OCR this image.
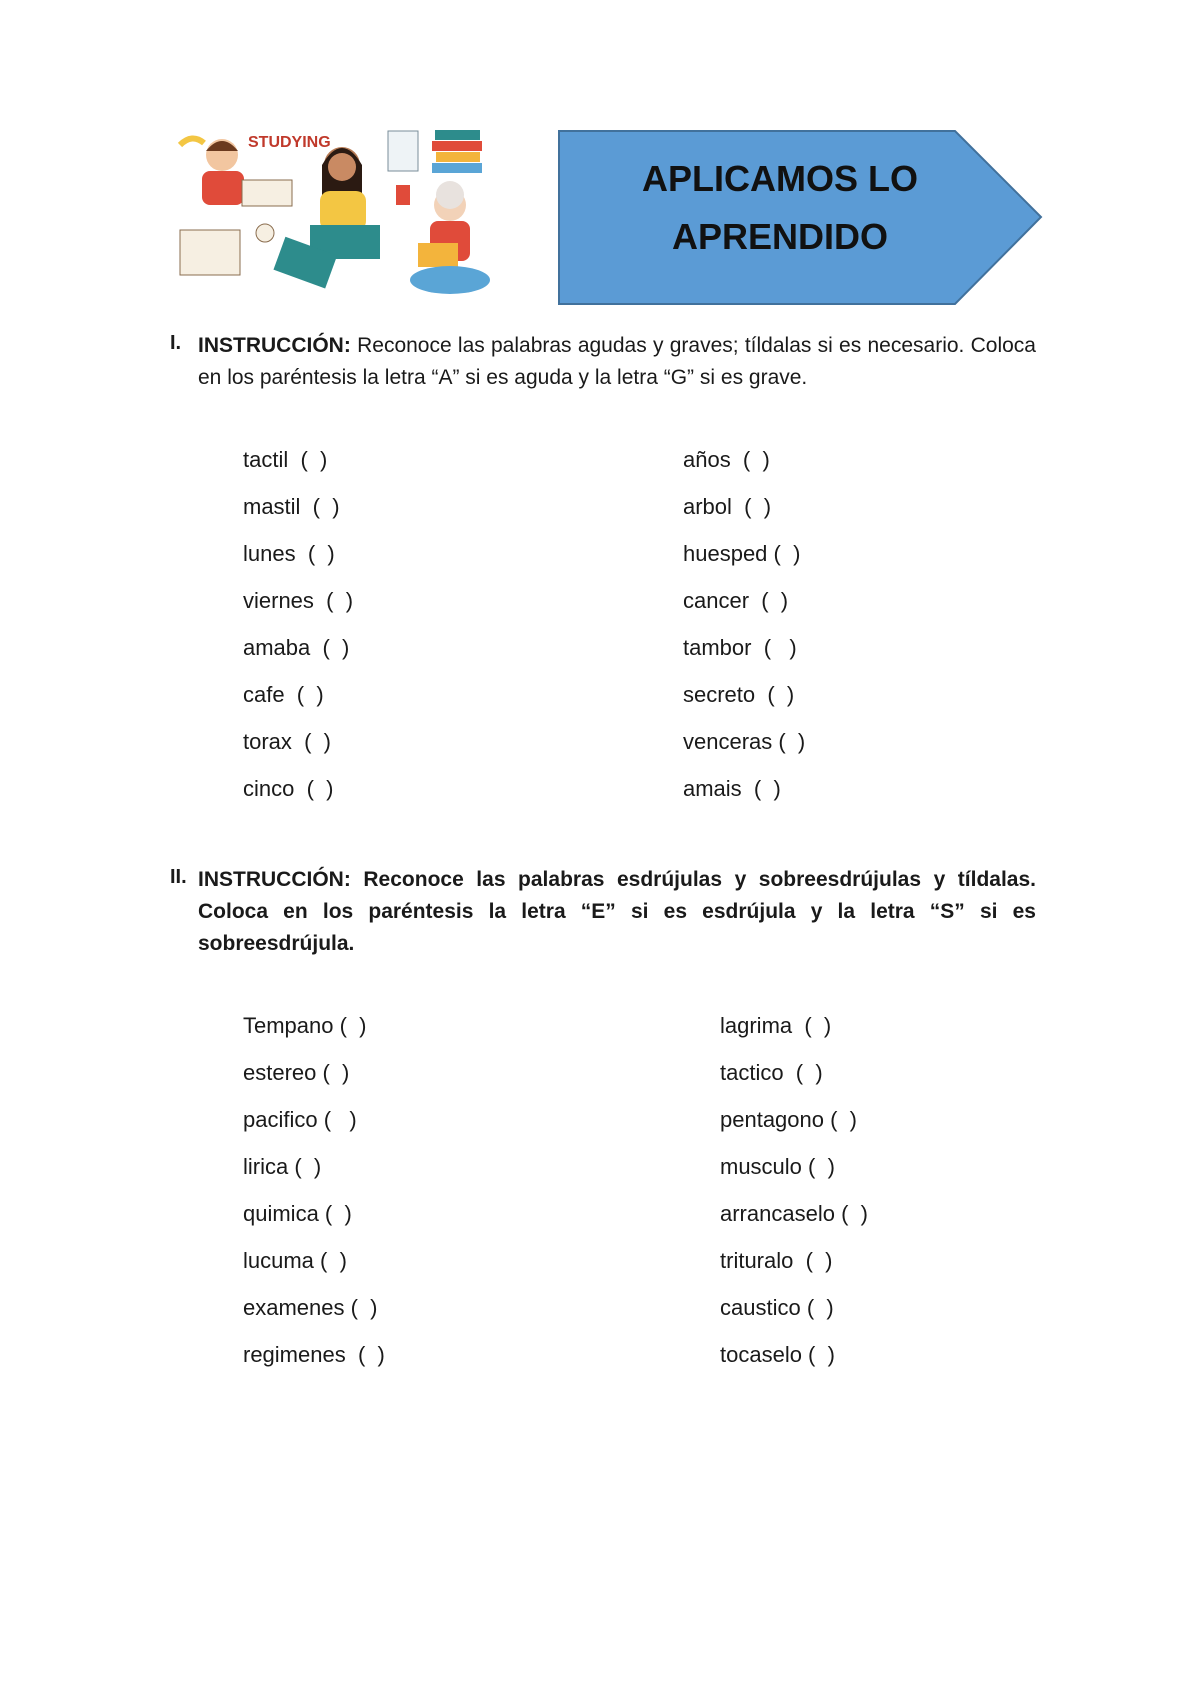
STUDYING
APLICAMOS LO
APRENDIDO
I. INSTRUCCIÓN: Reconoce las palabras agudas y graves; tíldalas si es necesario. Coloca en los paréntesis la letra “A” si es aguda y la letra “G” si es grave.
tactil  (  )
mastil  (  )
lunes  (  )
viernes  (  )
amaba  (  )
cafe  (  )
torax  (  )
cinco  (  )
años  (  )
arbol  (  )
huesped (  )
cancer  (  )
tambor  (   )
secreto  (  )
venceras (  )
amais  (  )
II. INSTRUCCIÓN: Reconoce las palabras esdrújulas y sobreesdrújulas y tíldalas. Coloca en los paréntesis la letra “E” si es esdrújula y la letra “S” si es sobreesdrújula.
Tempano (  )
estereo (  )
pacifico (   )
lirica (  )
quimica (  )
lucuma (  )
examenes (  )
regimenes  (  )
lagrima  (  )
tactico  (  )
pentagono (  )
musculo (  )
arrancaselo (  )
trituralo  (  )
caustico (  )
tocaselo (  )
